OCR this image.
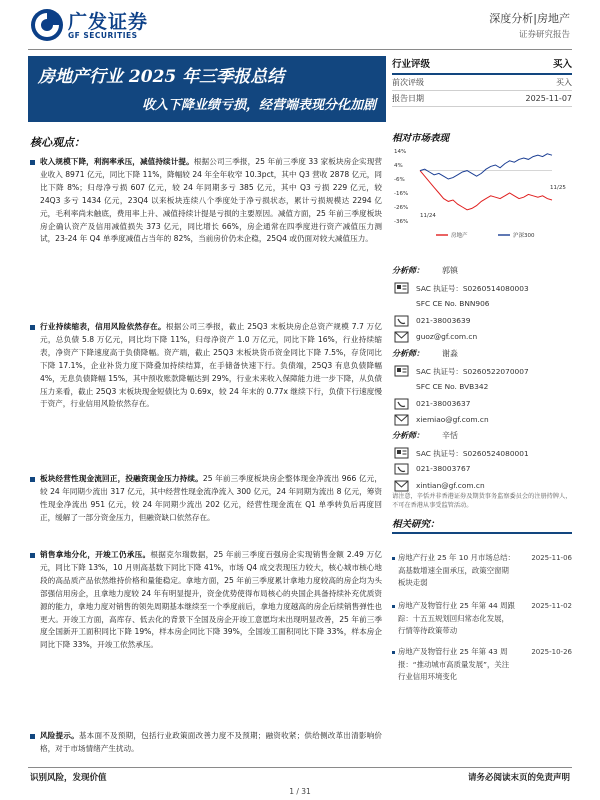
广发证券
GF SECURITIES
深度分析|房地产
证券研究报告
房地产行业 2025 年三季报总结
收入下降业绩亏损，经营端表现分化加剧
行业评级	买入
前次评级	买入
报告日期	2025-11-07
核心观点：
收入规模下降，利润率承压，减值持续计提。根据公司三季报，25 年前三季度 33 家板块房企实现营业收入 8971 亿元，同比下降 11%，降幅较 24 年全年收窄 10.3pct，其中 Q3 营收 2878 亿元，同比下降 8%；归母净亏损 607 亿元，较 24 年同期多亏 385 亿元，其中 Q3 亏损 229 亿元，较 24Q3 多亏 1434 亿元，23Q4 以来板块连续八个季度处于净亏损状态，累计亏损规模达 2294 亿元，毛利率尚未触底，费用率上升、减值持续计提是亏损的主要原因。减值方面，25 年前三季度板块房企确认资产及信用减值损失 373 亿元，同比增长 66%，房企通常在四季度进行资产减值压力测试，23-24 年 Q4 单季度减值占当年的 82%，当前房价仍未企稳，25Q4 或仍面对较大减值压力。
行业持续缩表，信用风险依然存在。根据公司三季报，截止 25Q3 末板块房企总资产规模 7.7 万亿元，总负债 5.8 万亿元，同比均下降 11%，归母净资产 1.0 万亿元，同比下降 16%，行业持续缩表，净资产下降速度高于负债降幅。资产端，截止 25Q3 末板块货币资金同比下降 7.5%，存货同比下降 17.1%，企业补货力度下降叠加持续结算，在手储备快速下行。负债端，25Q3 有息负债降幅 4%，无息负债降幅 15%，其中预收账款降幅达到 29%，行业未来收入保障能力进一步下降，从负债压力来看，截止 25Q3 末板块现金短债比为 0.69x，较 24 年末的 0.77x 继续下行，负债下行速度慢于资产，行业信用风险依然存在。
板块经营性现金流回正，投融资现金压力持续。25 年前三季度板块房企整体现金净流出 966 亿元，较 24 年同期少流出 317 亿元，其中经营性现金流净流入 300 亿元，24 年同期为流出 8 亿元，筹资性现金净流出 951 亿元，较 24 年同期少流出 202 亿元，经营性现金流在 Q1 单季转负后再度回正，缓解了一部分资金压力，但融资缺口依然存在。
销售拿地分化，开竣工仍承压。根据克尔瑞数据，25 年前三季度百强房企实现销售金额 2.49 万亿元，同比下降 13%，10 月则高基数下同比下降 41%，市场 Q4 成交表现压力较大，核心城市核心地段的高品质产品依然维持价格和量能稳定。拿地方面，25 年前三季度累计拿地力度较高的房企均为头部强信用房企，且拿地力度较 24 年有明显提升，资金优势使得布局核心的央国企具备持续补充优质资源的能力，拿地力度对销售的领先周期基本继续至一个季度前后，拿地力度越高的房企后续销售弹性也更大。开竣工方面，高库存、低去化的背景下全国及房企开竣工意愿均未出现明显改善，25 年前三季度全国新开工面积同比下降 19%，样本房企同比下降 39%，全国竣工面积同比下降 33%，样本房企同比下降 33%，开竣工依然承压。
风险提示。基本面不及预期，包括行业政策面改善力度不及预期；融资收紧；供给侧改革出清影响价格，对于市场情绪产生扰动。
相对市场表现
14%
4%
-6%
-16%
-26%
-36%
11/24
11/25
房地产	沪深300
分析师： 郭镇
SAC 执证号：S0260514080003
SFC CE No. BNN906
021-38003639
guoz@gf.com.cn
分析师： 谢淼
SAC 执证号：S0260522070007
SFC CE No. BVB342
021-38003637
xiemiao@gf.com.cn
分析师： 辛恬
SAC 执证号：S0260524080001
021-38003767
xintian@gf.com.cn
请注意，辛恬并非香港证券及期货事务监察委员会的注册持牌人，不可在香港从事受监管活动。
相关研究：
房地产行业 25 年 10 月市场总结：高基数增速全面承压，政策空窗期板块走弱
2025-11-06
房地产及物管行业 25 年第 44 周跟踪：十五五规划回归常态化发展，行情等待政策带动
2025-11-02
房地产及物管行业 25 年第 43 周报：“推动城市高质量发展”，关注行业信用环境变化
2025-10-26
识别风险，发现价值	请务必阅读末页的免责声明
1 / 31
